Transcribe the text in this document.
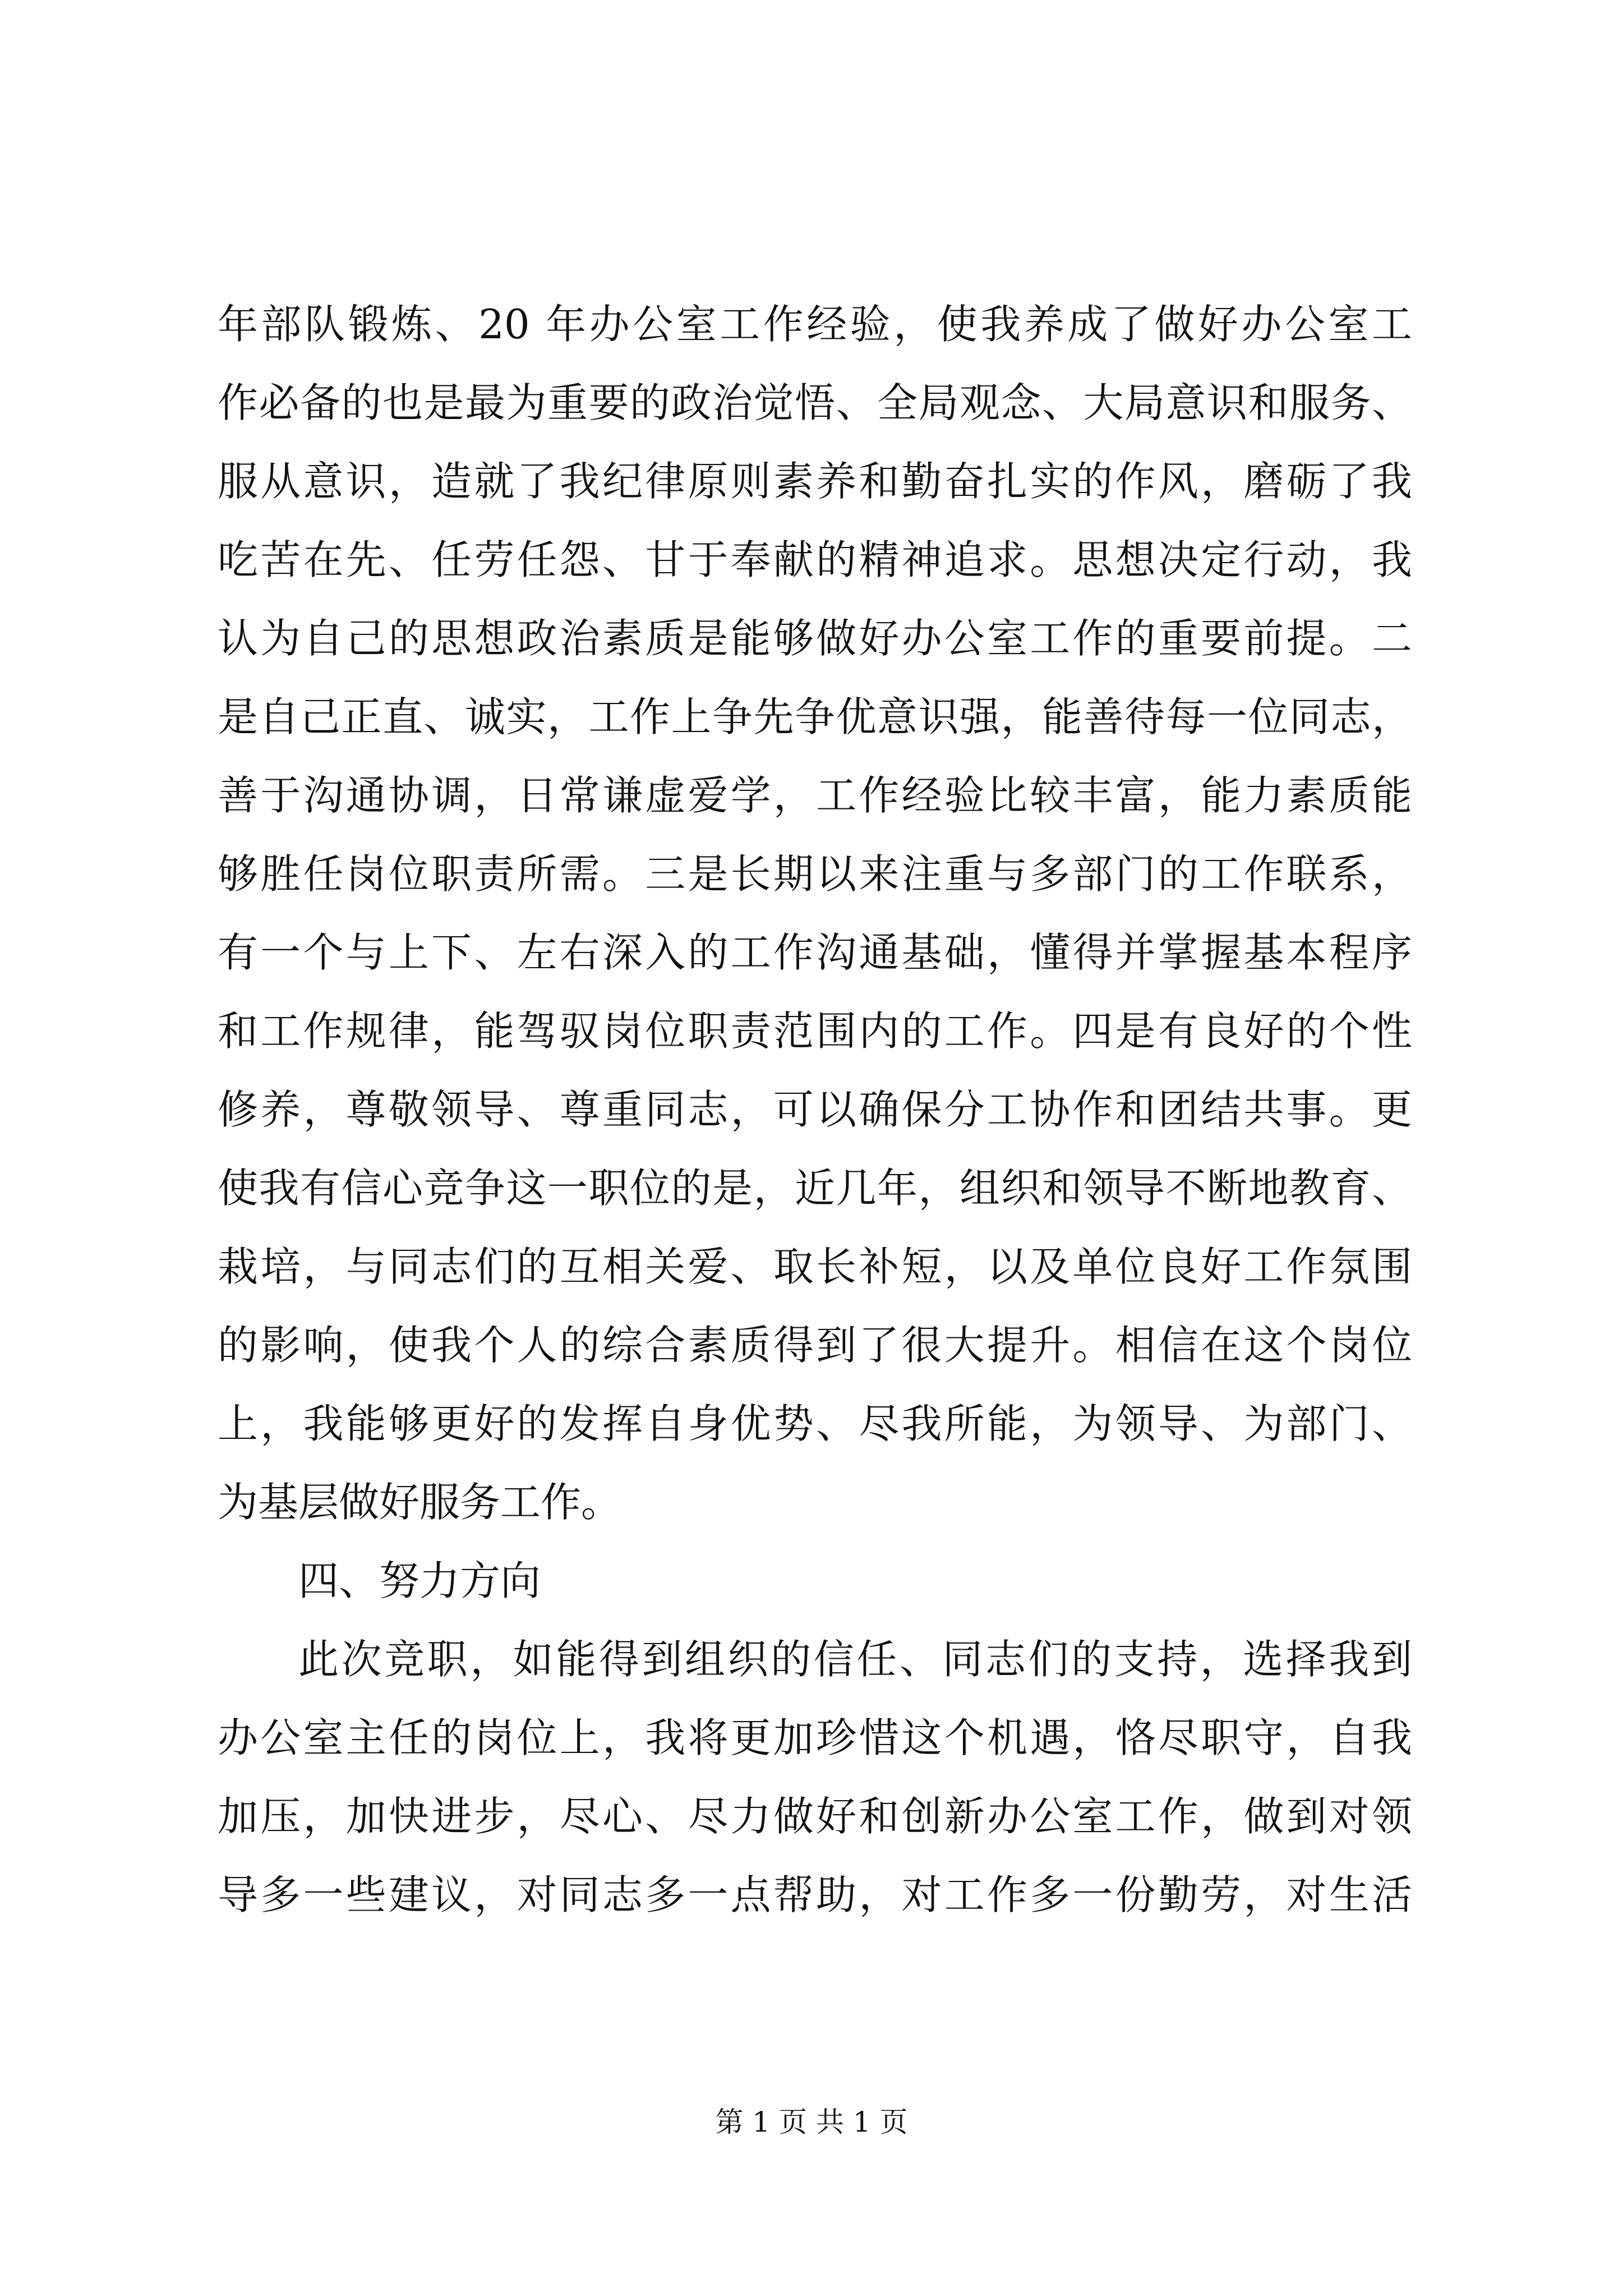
年部队锻炼、20 年办公室工作经验，使我养成了做好办公室工
作必备的也是最为重要的政治觉悟、全局观念、大局意识和服务、
服从意识，造就了我纪律原则素养和勤奋扎实的作风，磨砺了我
吃苦在先、任劳任怨、甘于奉献的精神追求。思想决定行动，我
认为自己的思想政治素质是能够做好办公室工作的重要前提。二
是自己正直、诚实，工作上争先争优意识强，能善待每一位同志，
善于沟通协调，日常谦虚爱学，工作经验比较丰富，能力素质能
够胜任岗位职责所需。三是长期以来注重与多部门的工作联系，
有一个与上下、左右深入的工作沟通基础，懂得并掌握基本程序
和工作规律，能驾驭岗位职责范围内的工作。四是有良好的个性
修养，尊敬领导、尊重同志，可以确保分工协作和团结共事。更
使我有信心竞争这一职位的是，近几年，组织和领导不断地教育、
栽培，与同志们的互相关爱、取长补短，以及单位良好工作氛围
的影响，使我个人的综合素质得到了很大提升。相信在这个岗位
上，我能够更好的发挥自身优势、尽我所能，为领导、为部门、
为基层做好服务工作。
四、努力方向
此次竞职，如能得到组织的信任、同志们的支持，选择我到
办公室主任的岗位上，我将更加珍惜这个机遇，恪尽职守，自我
加压，加快进步，尽心、尽力做好和创新办公室工作，做到对领
导多一些建议，对同志多一点帮助，对工作多一份勤劳，对生活
第 1 页 共 1 页
